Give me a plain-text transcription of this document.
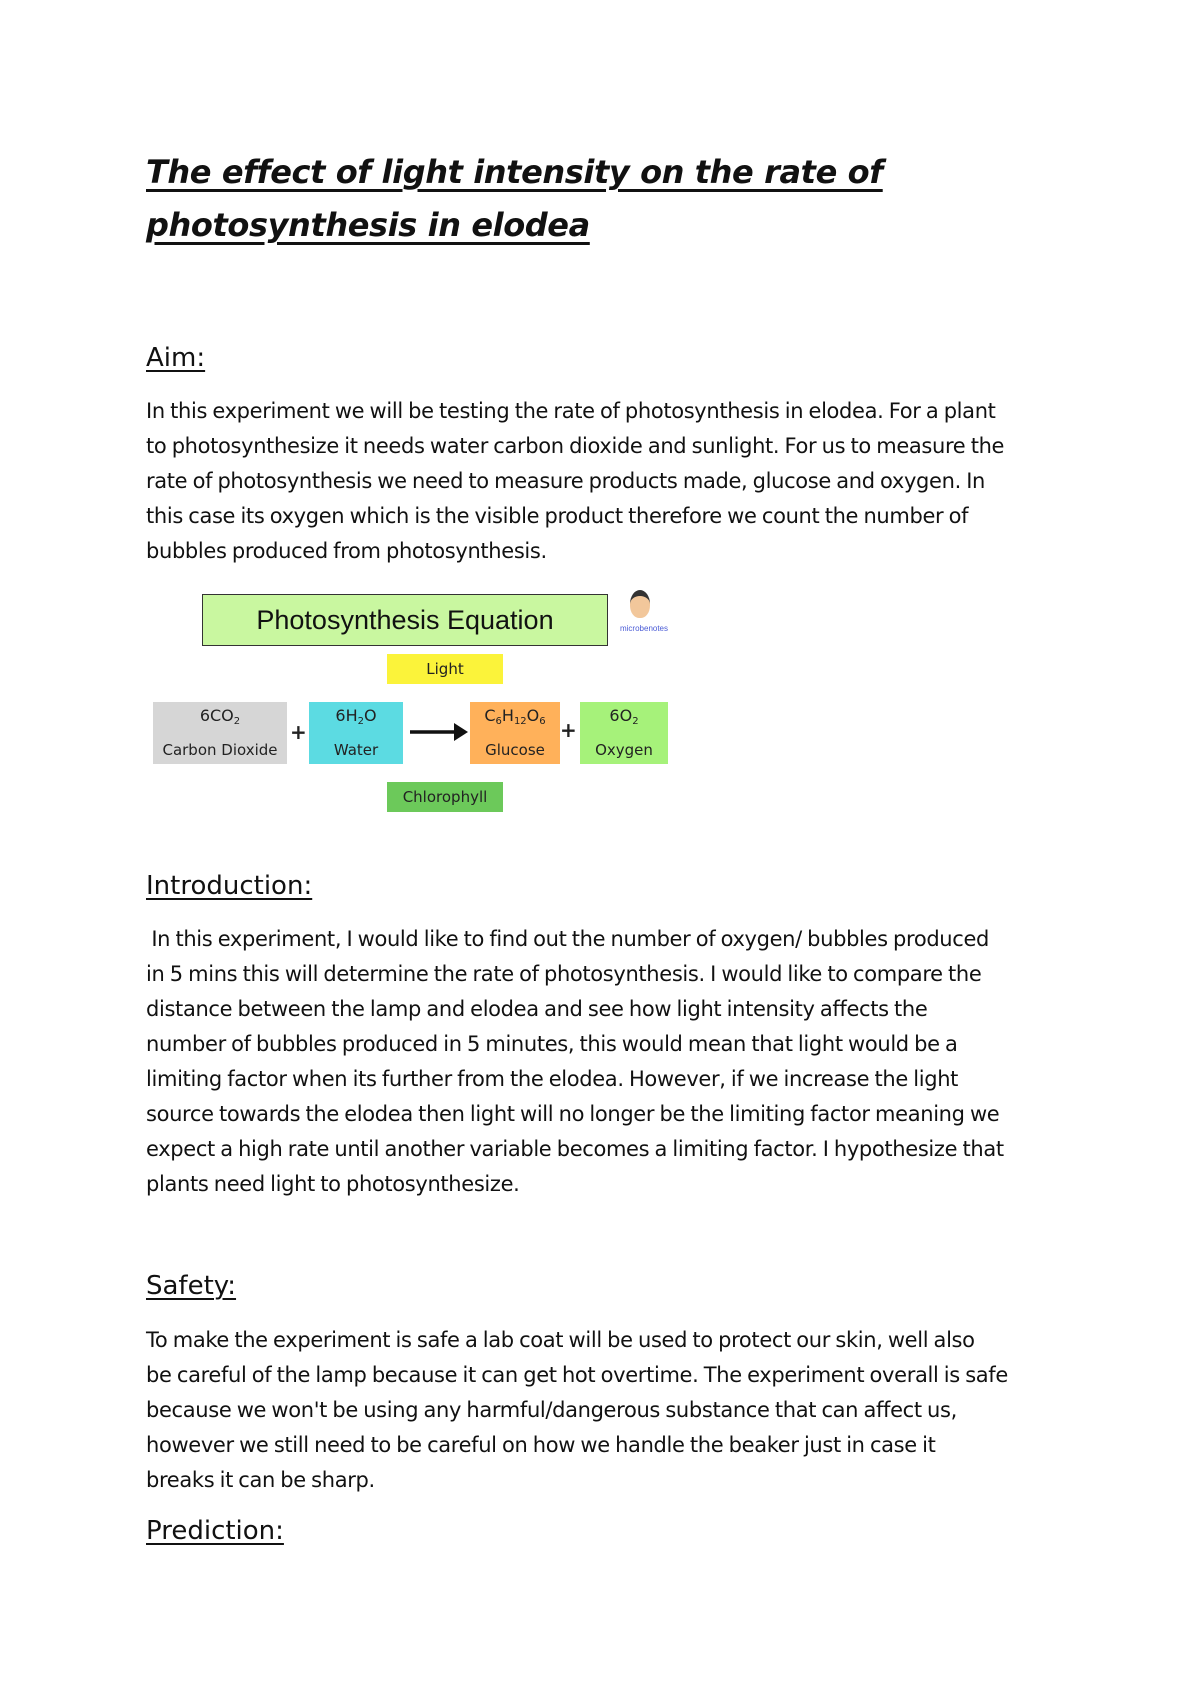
The effect of light intensity on the rate of
photosynthesis in elodea
Aim:
In this experiment we will be testing the rate of photosynthesis in elodea. For a plant
to photosynthesize it needs water carbon dioxide and sunlight. For us to measure the
rate of photosynthesis we need to measure products made, glucose and oxygen. In
this case its oxygen which is the visible product therefore we count the number of
bubbles produced from photosynthesis.
Photosynthesis Equation	microbenotes
Light
$6CO_2$
Carbon Dioxide
+
$6H_2O$
Water
$C_6H_{12}O_6$
Glucose
+
$6O_2$
Oxygen
Chlorophyll
Introduction:
In this experiment, I would like to find out the number of oxygen/ bubbles produced
in 5 mins this will determine the rate of photosynthesis. I would like to compare the
distance between the lamp and elodea and see how light intensity affects the
number of bubbles produced in 5 minutes, this would mean that light would be a
limiting factor when its further from the elodea. However, if we increase the light
source towards the elodea then light will no longer be the limiting factor meaning we
expect a high rate until another variable becomes a limiting factor. I hypothesize that
plants need light to photosynthesize.
Safety:
To make the experiment is safe a lab coat will be used to protect our skin, well also
be careful of the lamp because it can get hot overtime. The experiment overall is safe
because we won't be using any harmful/dangerous substance that can affect us,
however we still need to be careful on how we handle the beaker just in case it
breaks it can be sharp.
Prediction:
